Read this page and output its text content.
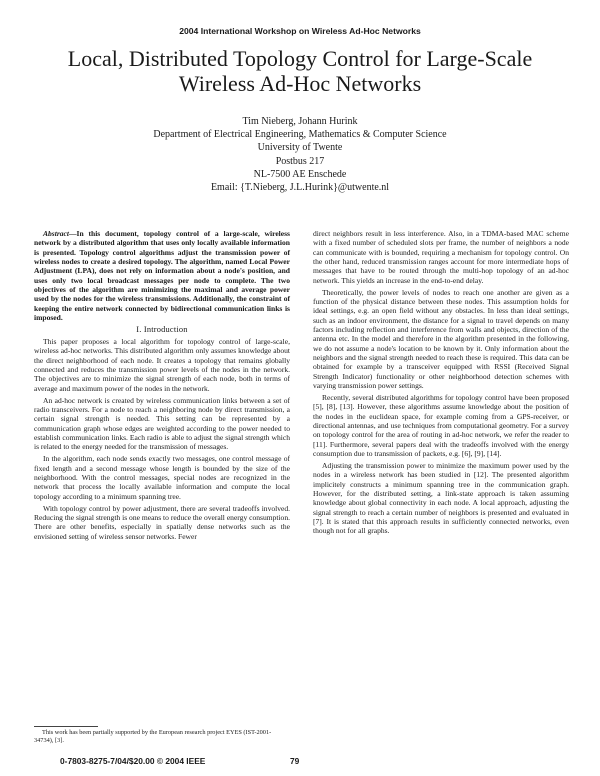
2004 International Workshop on Wireless Ad-Hoc Networks
Local, Distributed Topology Control for Large-Scale
Wireless Ad-Hoc Networks
Tim Nieberg, Johann Hurink
Department of Electrical Engineering, Mathematics & Computer Science
University of Twente
Postbus 217
NL-7500 AE Enschede
Email: {T.Nieberg, J.L.Hurink}@utwente.nl

Abstract—In this document, topology control of a large-scale, wireless network by a distributed algorithm that uses only locally available information is presented. Topology control algorithms adjust the transmission power of wireless nodes to create a desired topology. The algorithm, named Local Power Adjustment (LPA), does not rely on information about a node's position, and uses only two local broadcast messages per node to complete. The two objectives of the algorithm are minimizing the maximal and average power used by the nodes for the wireless transmissions. Additionally, the constraint of keeping the entire network connected by bidirectional communication links is imposed.

I. Introduction

This paper proposes a local algorithm for topology control of large-scale, wireless ad-hoc networks. This distributed algorithm only assumes knowledge about the direct neighborhood of each node. It creates a topology that remains globally connected and reduces the transmission power levels of the nodes in the network. The objectives are to minimize the signal strength of each node, both in terms of average and maximum power of the nodes in the network.

An ad-hoc network is created by wireless communication links between a set of radio transceivers. For a node to reach a neighboring node by direct transmission, a certain signal strength is needed. This setting can be represented by a communication graph whose edges are weighted according to the power needed to establish communication links. Each radio is able to adjust the signal strength which is related to the energy needed for the transmission of messages.

In the algorithm, each node sends exactly two messages, one control message of fixed length and a second message whose length is bounded by the size of the neighborhood. With the control messages, special nodes are recognized in the network that process the locally available information and compute the local topology according to a minimum spanning tree.

With topology control by power adjustment, there are several tradeoffs involved. Reducing the signal strength is one means to reduce the overall energy consumption. There are other benefits, especially in spatially dense networks such as the envisioned setting of wireless sensor networks. Fewer

direct neighbors result in less interference. Also, in a TDMA-based MAC scheme with a fixed number of scheduled slots per frame, the number of neighbors a node can communicate with is bounded, requiring a mechanism for topology control. On the other hand, reduced transmission ranges account for more intermediate hops of messages that have to be routed through the multi-hop topology of an ad-hoc network. This yields an increase in the end-to-end delay.

Theoretically, the power levels of nodes to reach one another are given as a function of the physical distance between these nodes. This assumption holds for ideal settings, e.g. an open field without any obstacles. In less than ideal settings, such as an indoor environment, the distance for a signal to travel depends on many factors including reflection and interference from walls and objects, direction of the antenna etc. In the model and therefore in the algorithm presented in the following, we do not assume a node's location to be known by it. Only information about the neighbors and the signal strength needed to reach these is required. This data can be obtained for example by a transceiver equipped with RSSI (Received Signal Strength Indicator) functionality or other neighborhood detection schemes with varying transmission power settings.

Recently, several distributed algorithms for topology control have been proposed [5], [8], [13]. However, these algorithms assume knowledge about the position of the nodes in the euclidean space, for example coming from a GPS-receiver, or directional antennas, and use techniques from computational geometry. For a survey on topology control for the area of routing in ad-hoc network, we refer the reader to [11]. Furthermore, several papers deal with the tradeoffs involved with the energy consumption due to transmission of packets, e.g. [6], [9], [14].

Adjusting the transmission power to minimize the maximum power used by the nodes in a wireless network has been studied in [12]. The presented algorithm implicitely constructs a minimum spanning tree in the communication graph. However, for the distributed setting, a link-state approach is taken assuming knowledge about global connectivity in each node. A local approach, adjusting the signal strength to reach a certain number of neighbors is presented and evaluated in [7]. It is stated that this approach results in sufficiently connected networks, even though not for all graphs.

This work has been partially supported by the European research project EYES (IST-2001-34734), [3].
0-7803-8275-7/04/$20.00 © 2004 IEEE	79
